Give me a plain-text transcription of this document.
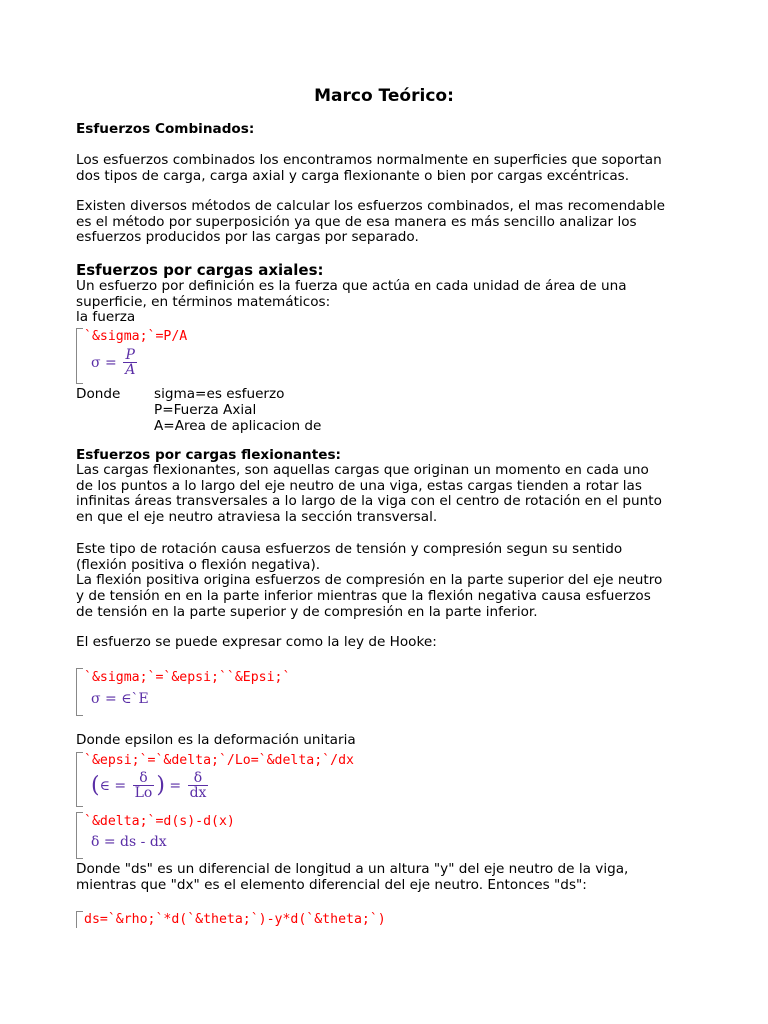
Marco Teórico:
Esfuerzos Combinados:
Los esfuerzos combinados los encontramos normalmente en superficies que soportan
dos tipos de carga, carga axial y carga flexionante o bien por cargas excéntricas.
Existen diversos métodos de calcular los esfuerzos combinados, el mas recomendable
es el método por superposición ya que de esa manera es más sencillo analizar los
esfuerzos producidos por las cargas por separado.
Esfuerzos por cargas axiales:
Un esfuerzo por definición es la fuerza que actúa en cada unidad de área de una
superficie, en términos matemáticos:
la fuerza
`&sigma;`=P/A
$\sigma = \frac{P}{A}$
Donde sigma=es esfuerzo
P=Fuerza Axial
A=Area de aplicacion de
Esfuerzos por cargas flexionantes:
Las cargas flexionantes, son aquellas cargas que originan un momento en cada uno
de los puntos a lo largo del eje neutro de una viga, estas cargas tienden a rotar las
infinitas áreas transversales a lo largo de la viga con el centro de rotación en el punto
en que el eje neutro atraviesa la sección transversal.
Este tipo de rotación causa esfuerzos de tensión y compresión segun su sentido
(flexión positiva o flexión negativa).
La flexión positiva origina esfuerzos de compresión en la parte superior del eje neutro
y de tensión en en la parte inferior mientras que la flexión negativa causa esfuerzos
de tensión en la parte superior y de compresión en la parte inferior.
El esfuerzo se puede expresar como la ley de Hooke:
`&sigma;`=`&epsi;``&Epsi;`
σ = ∈`E
Donde epsilon es la deformación unitaria
`&epsi;`=`&delta;`/Lo=`&delta;`/dx
(∈ = $\frac{\delta}{Lo}$ ) = $\frac{\delta}{dx}$
`&delta;`=d(s)-d(x)
δ = ds - dx
Donde "ds" es un diferencial de longitud a un altura "y" del eje neutro de la viga,
mientras que "dx" es el elemento diferencial del eje neutro. Entonces "ds":
ds=`&rho;`*d(`&theta;`)-y*d(`&theta;`)
